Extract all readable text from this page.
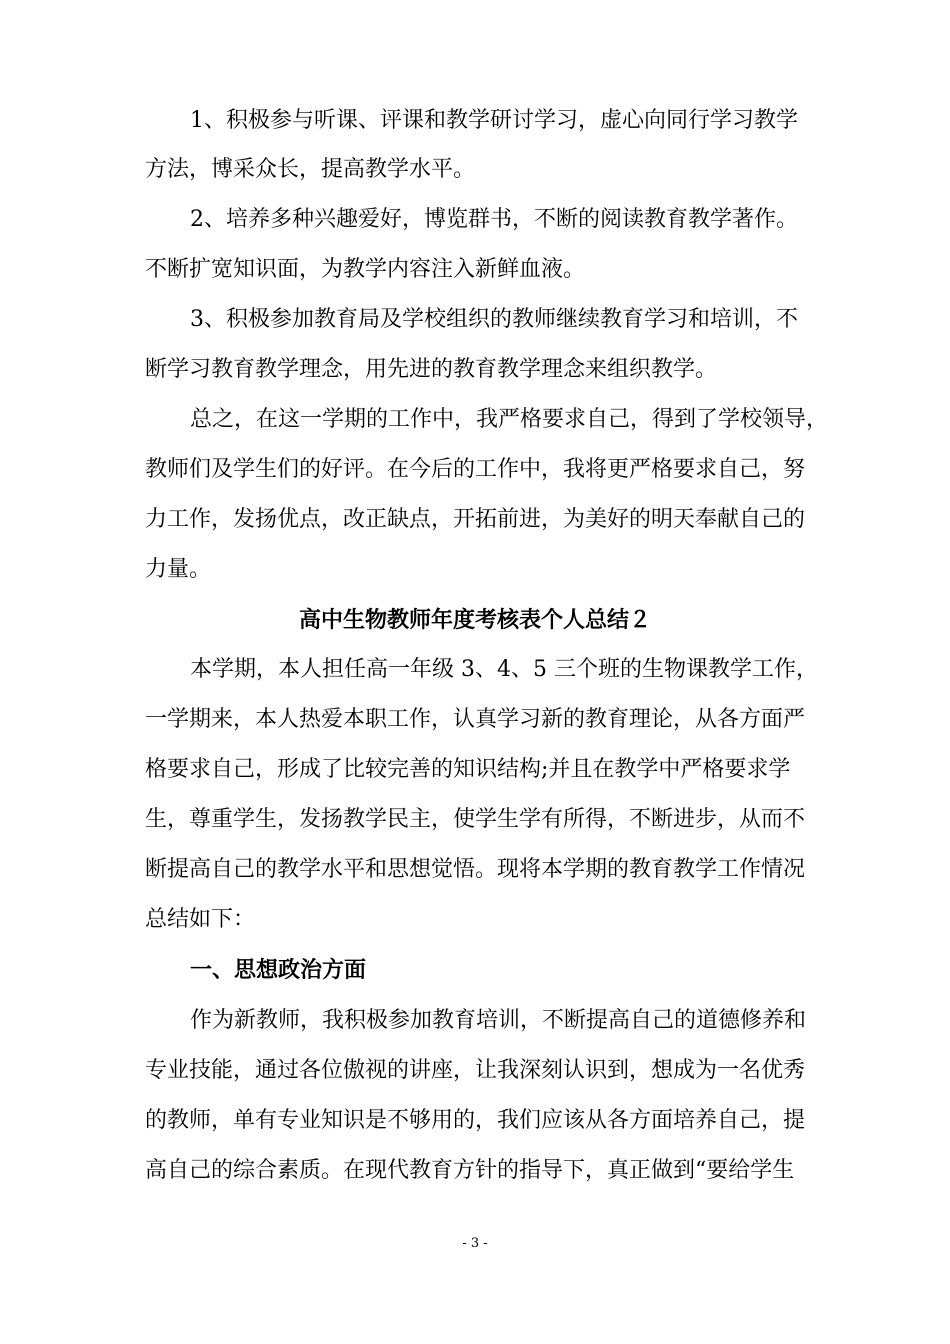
1、积极参与听课、评课和教学研讨学习，虚心向同行学习教学
方法，博采众长，提高教学水平。
2、培养多种兴趣爱好，博览群书，不断的阅读教育教学著作。
不断扩宽知识面，为教学内容注入新鲜血液。
3、积极参加教育局及学校组织的教师继续教育学习和培训，不
断学习教育教学理念，用先进的教育教学理念来组织教学。
总之，在这一学期的工作中，我严格要求自己，得到了学校领导，
教师们及学生们的好评。在今后的工作中，我将更严格要求自己，努
力工作，发扬优点，改正缺点，开拓前进，为美好的明天奉献自己的
力量。
高中生物教师年度考核表个人总结２
本学期，本人担任高一年级 3、4、5 三个班的生物课教学工作，
一学期来，本人热爱本职工作，认真学习新的教育理论，从各方面严
格要求自己，形成了比较完善的知识结构;并且在教学中严格要求学
生，尊重学生，发扬教学民主，使学生学有所得，不断进步，从而不
断提高自己的教学水平和思想觉悟。现将本学期的教育教学工作情况
总结如下：
一、思想政治方面
作为新教师，我积极参加教育培训，不断提高自己的道德修养和
专业技能，通过各位傲视的讲座，让我深刻认识到，想成为一名优秀
的教师，单有专业知识是不够用的，我们应该从各方面培养自己，提
高自己的综合素质。在现代教育方针的指导下，真正做到“要给学生
- 3 -
